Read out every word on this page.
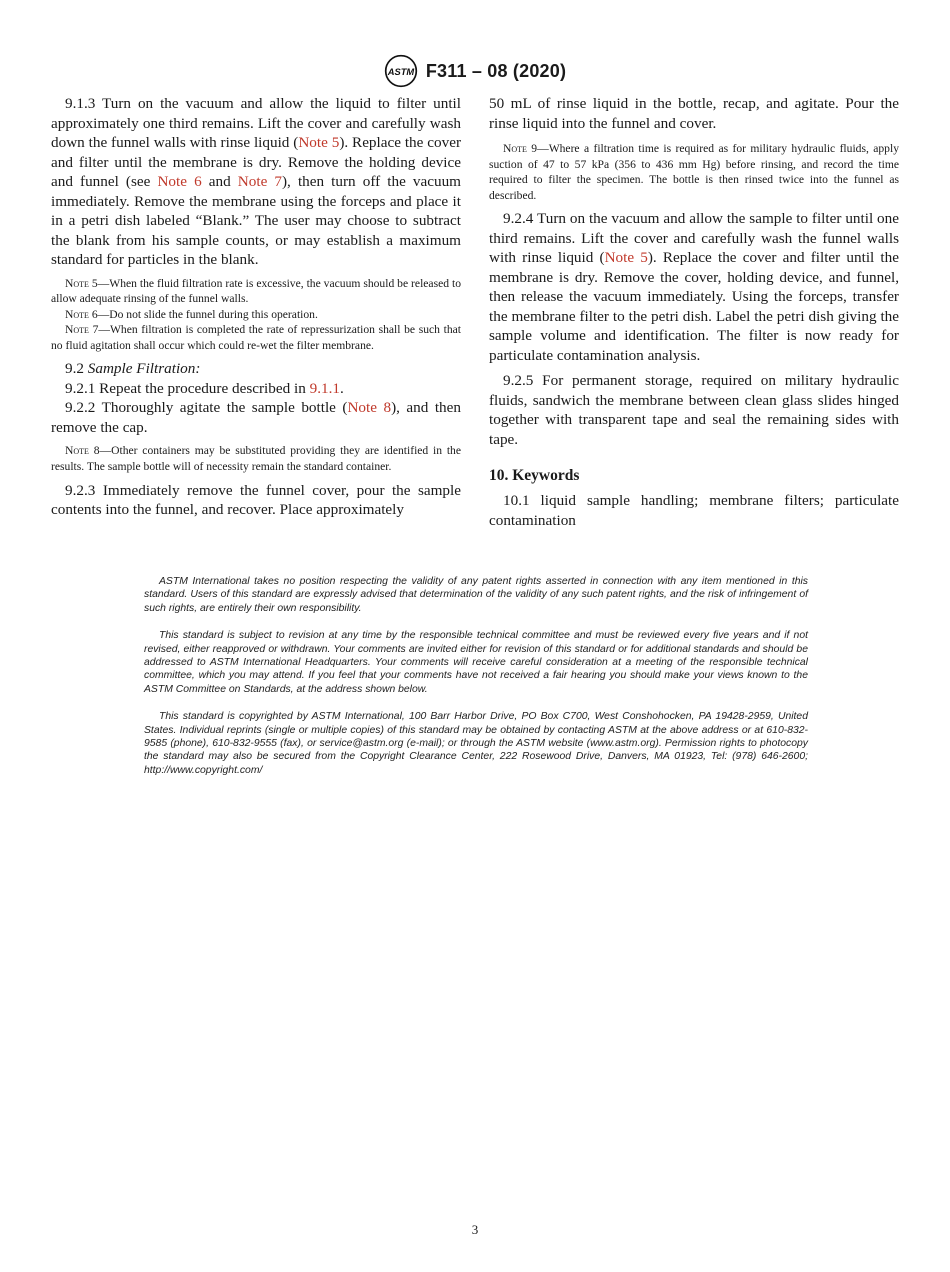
ASTM F311 – 08 (2020)

9.1.3 Turn on the vacuum and allow the liquid to filter until approximately one third remains. Lift the cover and carefully wash down the funnel walls with rinse liquid (Note 5). Replace the cover and filter until the membrane is dry. Remove the holding device and funnel (see Note 6 and Note 7), then turn off the vacuum immediately. Remove the membrane using the forceps and place it in a petri dish labeled “Blank.” The user may choose to subtract the blank from his sample counts, or may establish a maximum standard for particles in the blank.

Note 5—When the fluid filtration rate is excessive, the vacuum should be released to allow adequate rinsing of the funnel walls.

Note 6—Do not slide the funnel during this operation.

Note 7—When filtration is completed the rate of repressurization shall be such that no fluid agitation shall occur which could re-wet the filter membrane.

9.2 Sample Filtration:

9.2.1 Repeat the procedure described in 9.1.1.

9.2.2 Thoroughly agitate the sample bottle (Note 8), and then remove the cap.

Note 8—Other containers may be substituted providing they are identified in the results. The sample bottle will of necessity remain the standard container.

9.2.3 Immediately remove the funnel cover, pour the sample contents into the funnel, and recover. Place approximately

50 mL of rinse liquid in the bottle, recap, and agitate. Pour the rinse liquid into the funnel and cover.

Note 9—Where a filtration time is required as for military hydraulic fluids, apply suction of 47 to 57 kPa (356 to 436 mm Hg) before rinsing, and record the time required to filter the specimen. The bottle is then rinsed twice into the funnel as described.

9.2.4 Turn on the vacuum and allow the sample to filter until one third remains. Lift the cover and carefully wash the funnel walls with rinse liquid (Note 5). Replace the cover and filter until the membrane is dry. Remove the cover, holding device, and funnel, then release the vacuum immediately. Using the forceps, transfer the membrane filter to the petri dish. Label the petri dish giving the sample volume and identification. The filter is now ready for particulate contamination analysis.

9.2.5 For permanent storage, required on military hydraulic fluids, sandwich the membrane between clean glass slides hinged together with transparent tape and seal the remaining sides with tape.

10. Keywords

10.1 liquid sample handling; membrane filters; particulate contamination

ASTM International takes no position respecting the validity of any patent rights asserted in connection with any item mentioned in this standard. Users of this standard are expressly advised that determination of the validity of any such patent rights, and the risk of infringement of such rights, are entirely their own responsibility.

This standard is subject to revision at any time by the responsible technical committee and must be reviewed every five years and if not revised, either reapproved or withdrawn. Your comments are invited either for revision of this standard or for additional standards and should be addressed to ASTM International Headquarters. Your comments will receive careful consideration at a meeting of the responsible technical committee, which you may attend. If you feel that your comments have not received a fair hearing you should make your views known to the ASTM Committee on Standards, at the address shown below.

This standard is copyrighted by ASTM International, 100 Barr Harbor Drive, PO Box C700, West Conshohocken, PA 19428-2959, United States. Individual reprints (single or multiple copies) of this standard may be obtained by contacting ASTM at the above address or at 610-832-9585 (phone), 610-832-9555 (fax), or service@astm.org (e-mail); or through the ASTM website (www.astm.org). Permission rights to photocopy the standard may also be secured from the Copyright Clearance Center, 222 Rosewood Drive, Danvers, MA 01923, Tel: (978) 646-2600; http://www.copyright.com/

3
